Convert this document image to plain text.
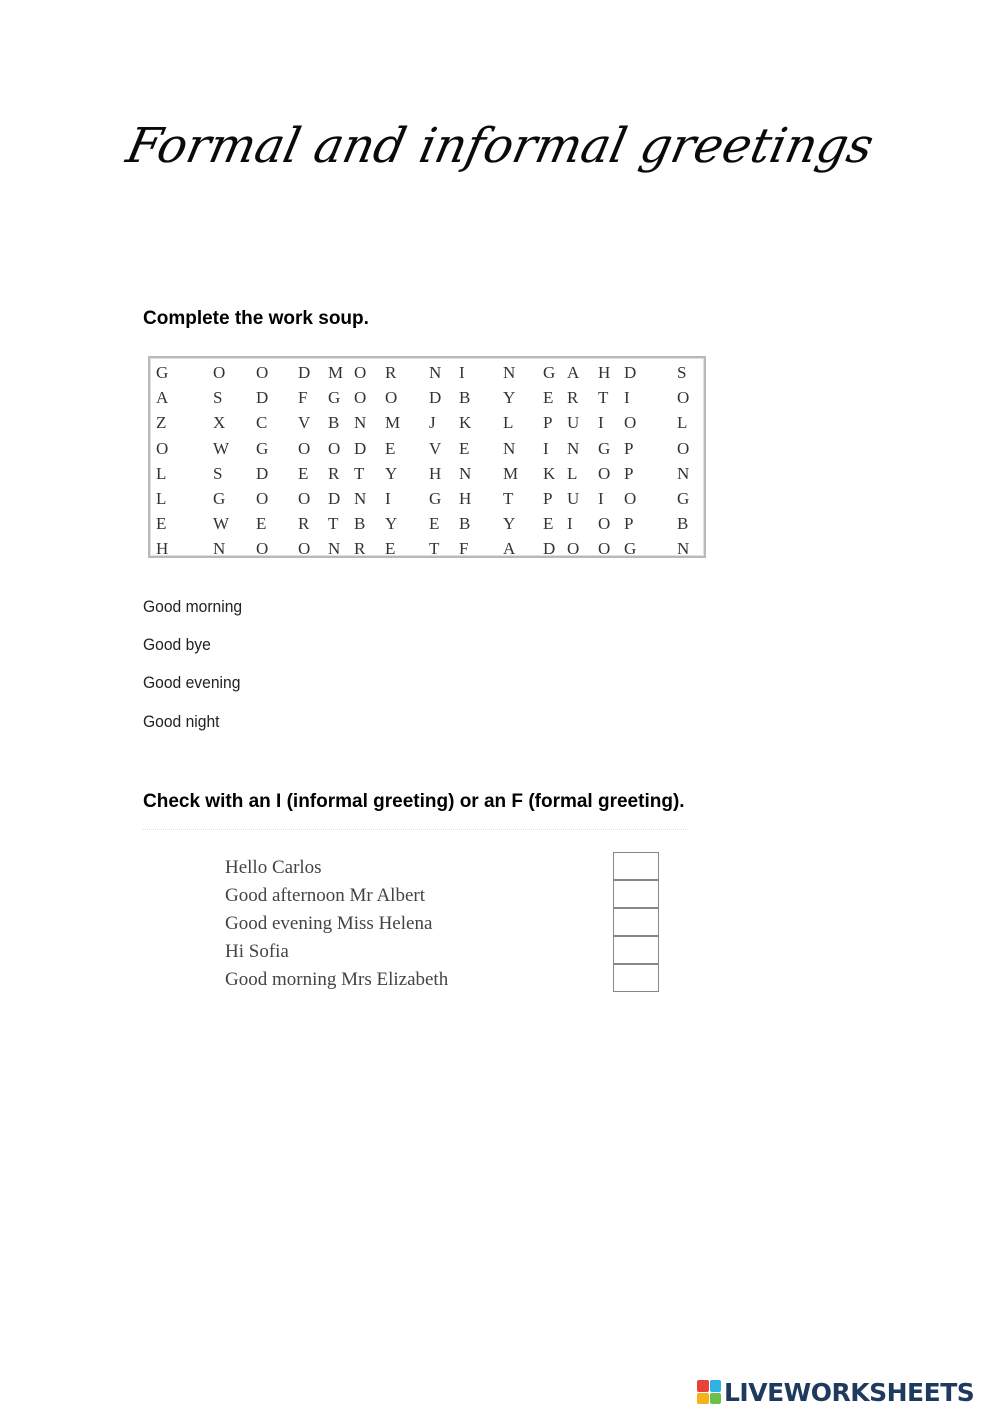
Formal and informal greetings
Complete the work soup.
G	O O D M O R N I N G A H D S
A	S D F G O O D B Y E R T I	O
Z	X C V B N M J K L P U I O L
O	W G O O D E V E N I N G P	O
L	S D E R T Y H N M K L O P	N
L	G O O D N I G H T P U I O G
E	W E R T B Y E B Y E I O P	B
H	N O O N R E T F A D O O G N
Good morning
Good bye
Good evening
Good night
Check with an I (informal greeting) or an F (formal greeting).
Hello Carlos
Good afternoon Mr Albert
Good evening Miss Helena
Hi Sofia
Good morning Mrs Elizabeth
LIVEWORKSHEETS
